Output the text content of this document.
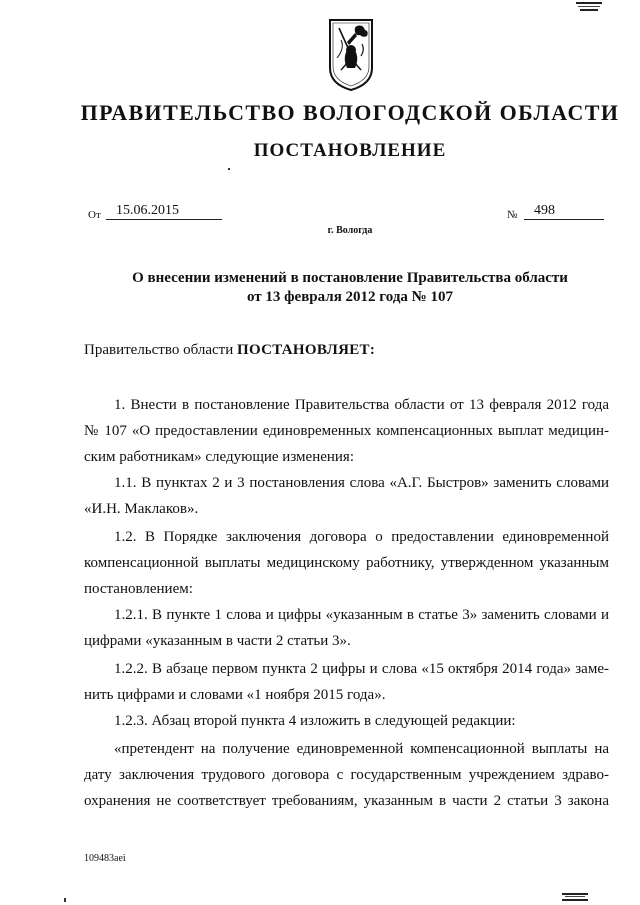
ПРАВИТЕЛЬСТВО ВОЛОГОДСКОЙ ОБЛАСТИ
ПОСТАНОВЛЕНИЕ
От	15.06.2015	№	498
г. Вологда
О внесении изменений в постановление Правительства области
от 13 февраля 2012 года № 107
Правительство области ПОСТАНОВЛЯЕТ:
1. Внести в постановление Правительства области от 13 февраля 2012 года
№ 107 «О предоставлении единовременных компенсационных выплат медицин-
ским работникам» следующие изменения:
1.1. В пунктах 2 и 3 постановления слова «А.Г. Быстров» заменить словами
«И.Н. Маклаков».
1.2. В Порядке заключения договора о предоставлении единовременной
компенсационной выплаты медицинскому работнику, утвержденном указанным
постановлением:
1.2.1. В пункте 1 слова и цифры «указанным в статье 3» заменить словами и
цифрами «указанным в части 2 статьи 3».
1.2.2. В абзаце первом пункта 2 цифры и слова «15 октября 2014 года» заме-
нить цифрами и словами «1 ноября 2015 года».
1.2.3. Абзац второй пункта 4 изложить в следующей редакции:
«претендент на получение единовременной компенсационной выплаты на
дату заключения трудового договора с государственным учреждением здраво-
охранения не соответствует требованиям, указанным в части 2 статьи 3 закона
109483aei
